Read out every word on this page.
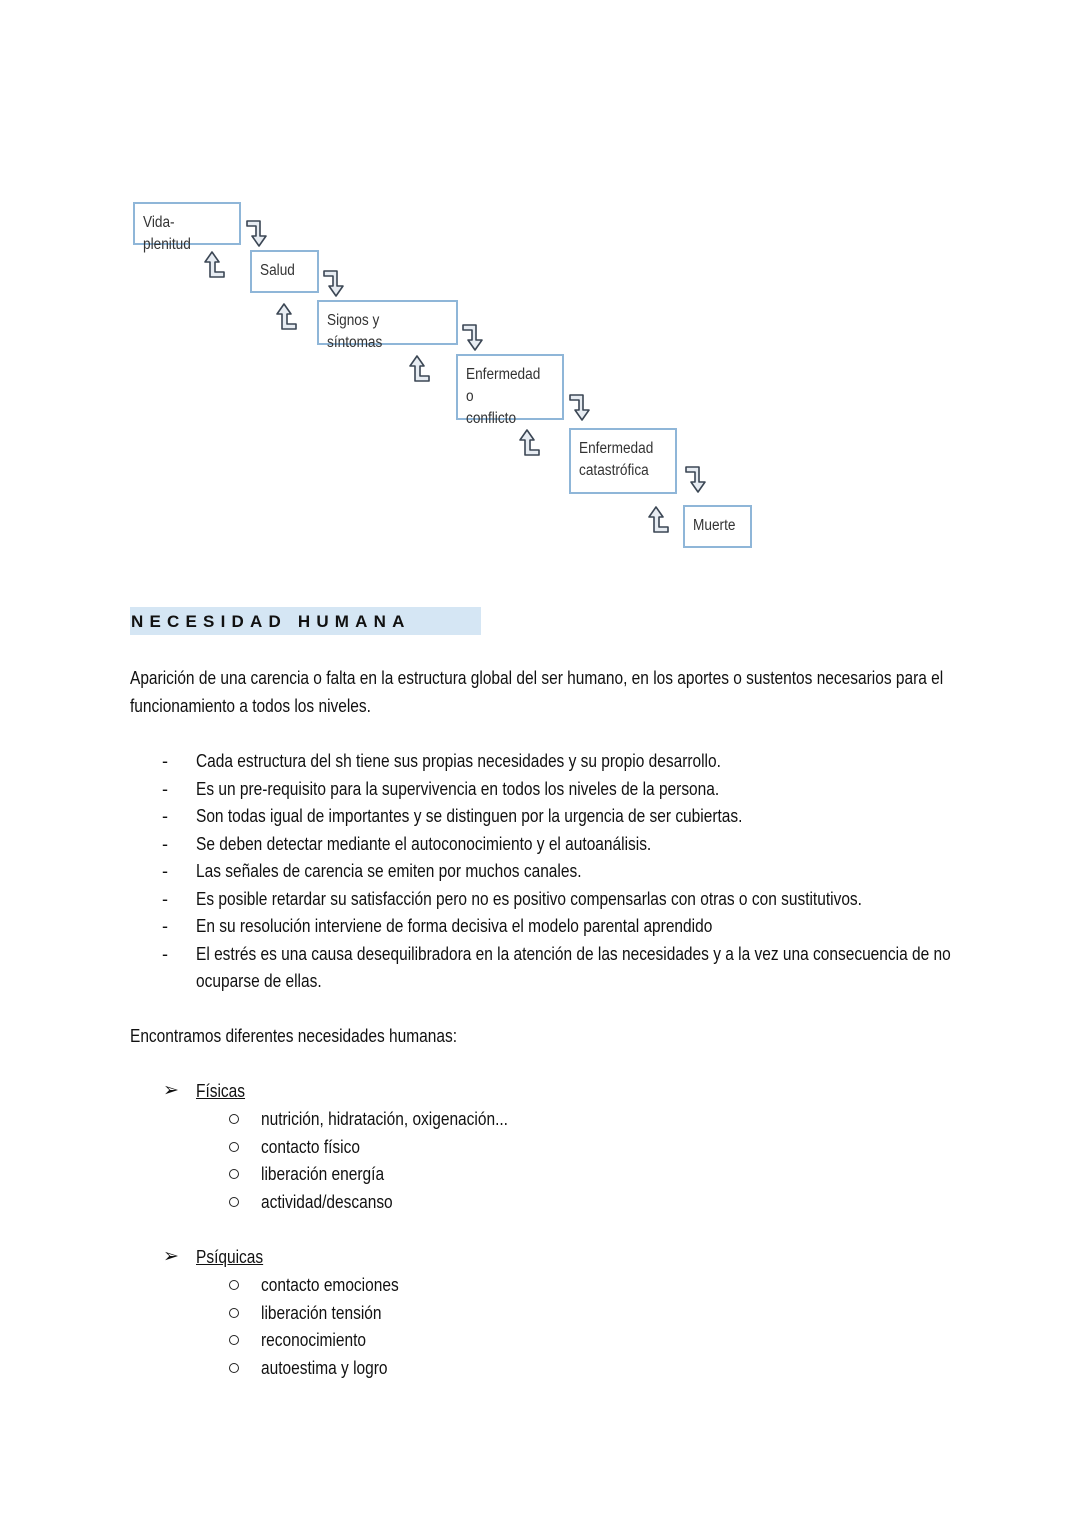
Vida-plenitud
Salud
Signos y síntomas
Enfermedad o
conflicto
Enfermedad
catastrófica
Muerte
NECESIDAD HUMANA
Aparición de una carencia o falta en la estructura global del ser humano, en los aportes o sustentos necesarios para el
funcionamiento a todos los niveles.
- Cada estructura del sh tiene sus propias necesidades y su propio desarrollo.
- Es un pre-requisito para la supervivencia en todos los niveles de la persona.
- Son todas igual de importantes y se distinguen por la urgencia de ser cubiertas.
- Se deben detectar mediante el autoconocimiento y el autoanálisis.
- Las señales de carencia se emiten por muchos canales.
- Es posible retardar su satisfacción pero no es positivo compensarlas con otras o con sustitutivos.
- En su resolución interviene de forma decisiva el modelo parental aprendido
- El estrés es una causa desequilibradora en la atención de las necesidades y a la vez una consecuencia de no
ocuparse de ellas.
Encontramos diferentes necesidades humanas:
➢ Físicas
nutrición, hidratación, oxigenación...
contacto físico
liberación energía
actividad/descanso
➢ Psíquicas
contacto emociones
liberación tensión
reconocimiento
autoestima y logro
